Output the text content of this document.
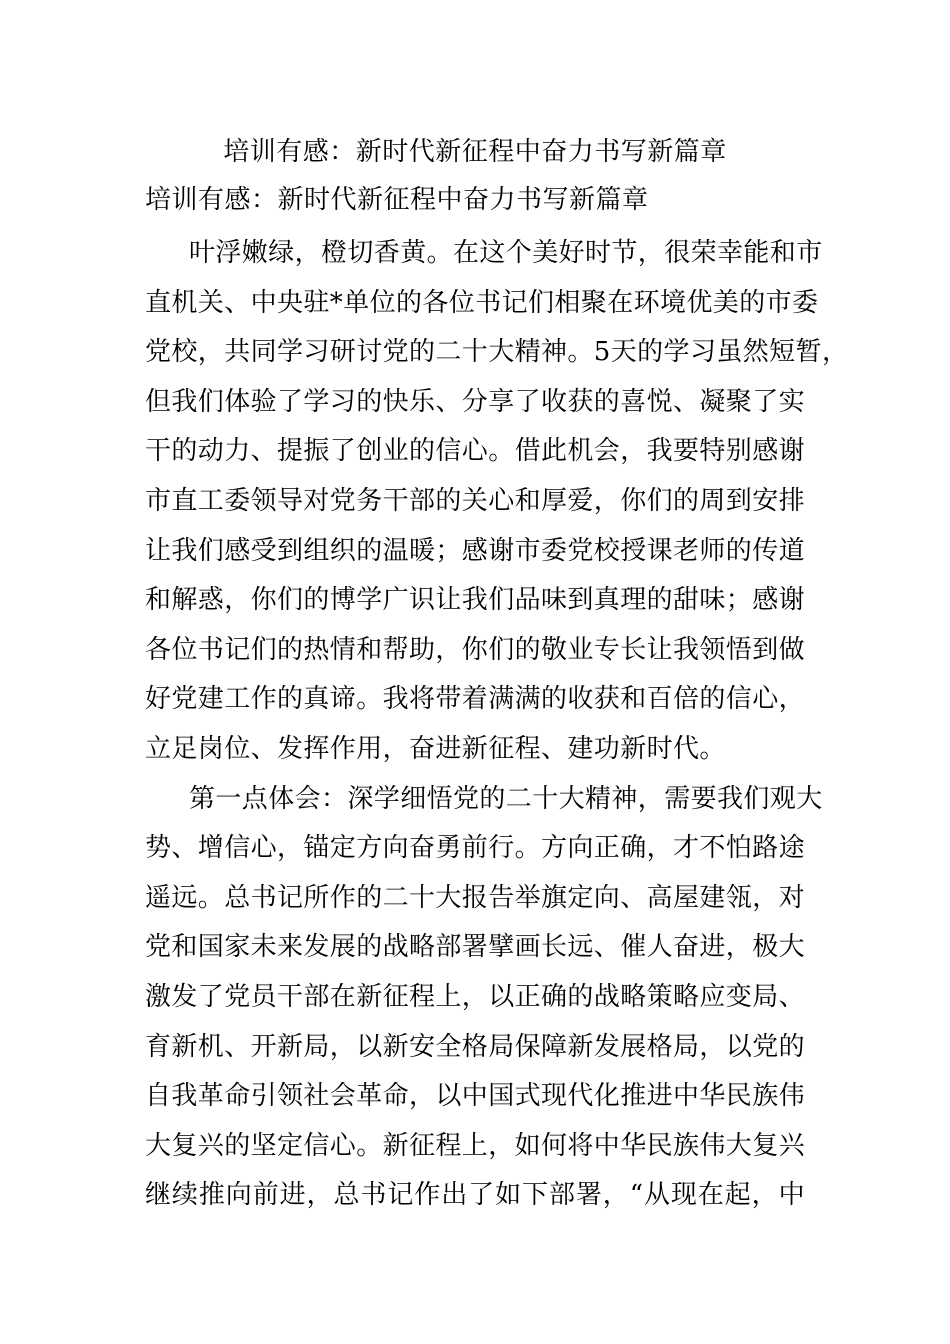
培训有感：新时代新征程中奋力书写新篇章
培训有感：新时代新征程中奋力书写新篇章
叶浮嫩绿，橙切香黄。在这个美好时节，很荣幸能和市
直机关、中央驻*单位的各位书记们相聚在环境优美的市委
党校，共同学习研讨党的二十大精神。5天的学习虽然短暂，
但我们体验了学习的快乐、分享了收获的喜悦、凝聚了实
干的动力、提振了创业的信心。借此机会，我要特别感谢
市直工委领导对党务干部的关心和厚爱，你们的周到安排
让我们感受到组织的温暖；感谢市委党校授课老师的传道
和解惑，你们的博学广识让我们品味到真理的甜味；感谢
各位书记们的热情和帮助，你们的敬业专长让我领悟到做
好党建工作的真谛。我将带着满满的收获和百倍的信心，
立足岗位、发挥作用，奋进新征程、建功新时代。
第一点体会：深学细悟党的二十大精神，需要我们观大
势、增信心，锚定方向奋勇前行。方向正确，才不怕路途
遥远。总书记所作的二十大报告举旗定向、高屋建瓴，对
党和国家未来发展的战略部署擘画长远、催人奋进，极大
激发了党员干部在新征程上，以正确的战略策略应变局、
育新机、开新局，以新安全格局保障新发展格局，以党的
自我革命引领社会革命，以中国式现代化推进中华民族伟
大复兴的坚定信心。新征程上，如何将中华民族伟大复兴
继续推向前进，总书记作出了如下部署，“从现在起，中
